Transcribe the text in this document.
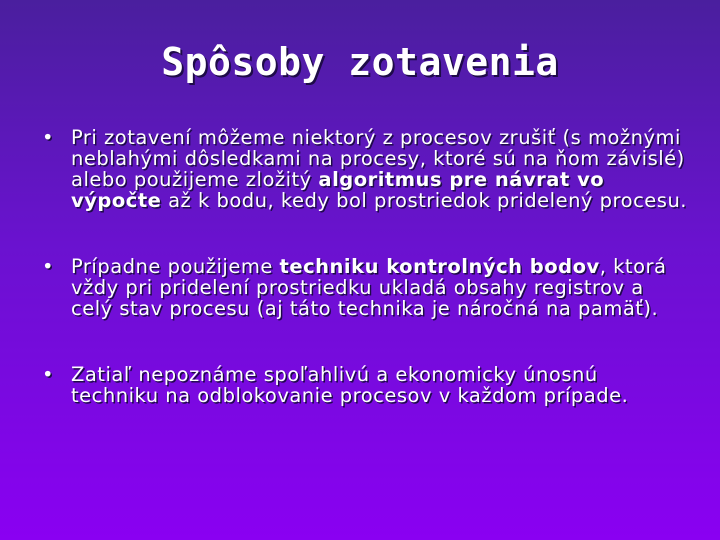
Spôsoby zotavenia
• Pri zotavení môžeme niektorý z procesov zrušiť (s možnými neblahými dôsledkami na procesy, ktoré sú na ňom závislé) alebo použijeme zložitý algoritmus pre návrat vo výpočte až k bodu, kedy bol prostriedok pridelený procesu.
• Prípadne použijeme techniku kontrolných bodov, ktorá vždy pri pridelení prostriedku ukladá obsahy registrov a celý stav procesu (aj táto technika je náročná na pamäť).
• Zatiaľ nepoznáme spoľahlivú a ekonomicky únosnú techniku na odblokovanie procesov v každom prípade.
